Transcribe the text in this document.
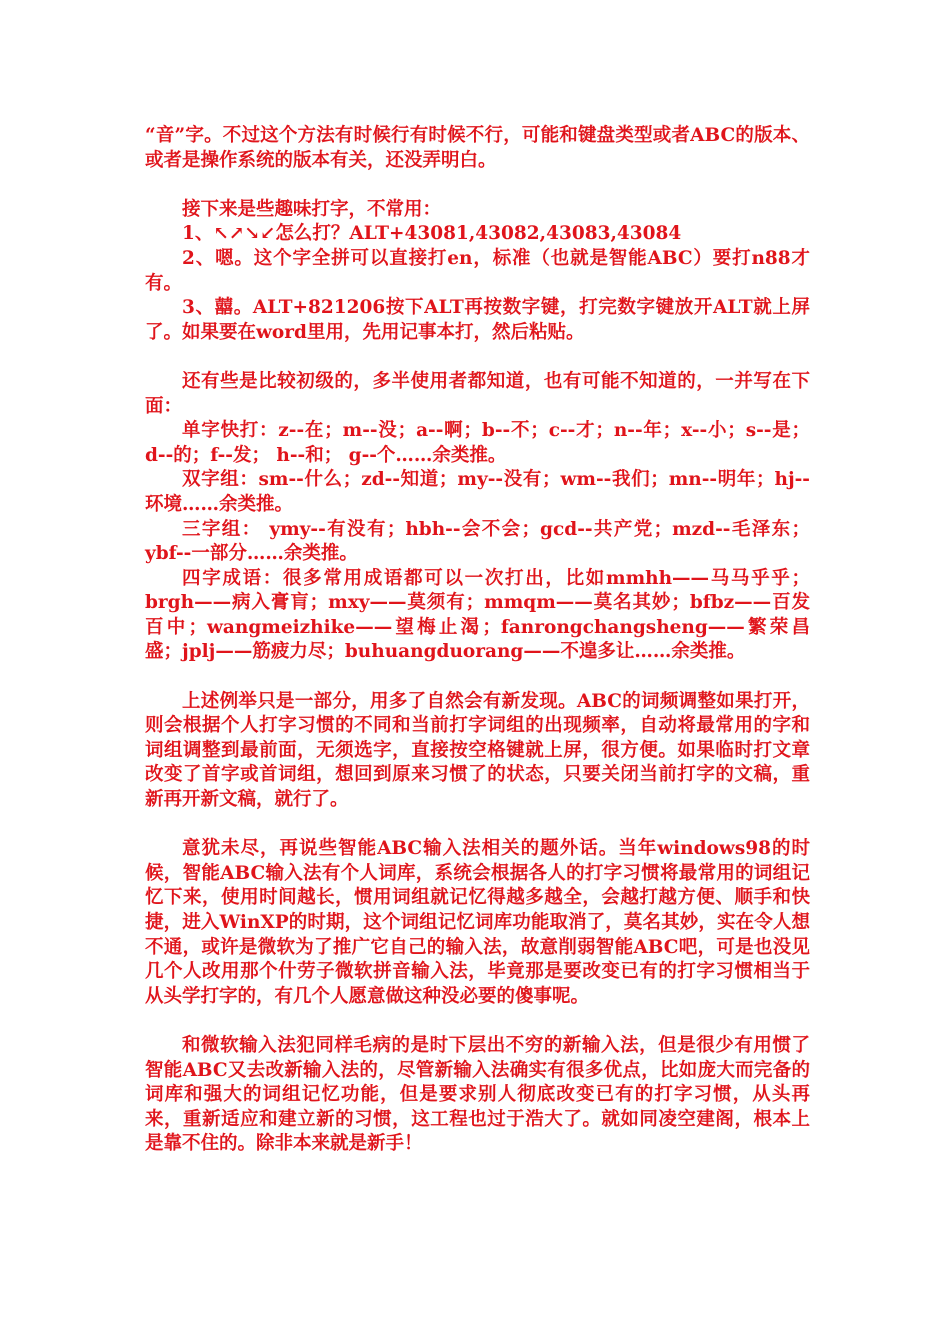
“音”字。不过这个方法有时候行有时候不行，可能和键盘类型或者ABC的版本、或者是操作系统的版本有关，还没弄明白。

接下来是些趣味打字，不常用：

1、↖↗↘↙怎么打？ALT+43081,43082,43083,43084

2、嗯。这个字全拼可以直接打en，标准（也就是智能ABC）要打n88才有。

3、囍。ALT+821206按下ALT再按数字键，打完数字键放开ALT就上屏了。如果要在word里用，先用记事本打，然后粘贴。

还有些是比较初级的，多半使用者都知道，也有可能不知道的，一并写在下面：

单字快打：z--在；m--没；a--啊；b--不；c--才；n--年；x--小；s--是；d--的；f--发； h--和； g--个……余类推。

双字组：sm--什么；zd--知道；my--没有；wm--我们；mn--明年；hj--环境……余类推。

三字组： ymy--有没有；hbh--会不会；gcd--共产党；mzd--毛泽东；ybf--一部分……余类推。

四字成语：很多常用成语都可以一次打出，比如mmhh——马马乎乎；brgh——病入膏肓；mxy——莫须有；mmqm——莫名其妙；bfbz——百发百中；wangmeizhike——望梅止渴；fanrongchangsheng——繁荣昌盛；jplj——筋疲力尽；buhuangduorang——不遑多让……余类推。

上述例举只是一部分，用多了自然会有新发现。ABC的词频调整如果打开，则会根据个人打字习惯的不同和当前打字词组的出现频率，自动将最常用的字和词组调整到最前面，无须选字，直接按空格键就上屏，很方便。如果临时打文章改变了首字或首词组，想回到原来习惯了的状态，只要关闭当前打字的文稿，重新再开新文稿，就行了。

意犹未尽，再说些智能ABC输入法相关的题外话。当年windows98的时候，智能ABC输入法有个人词库，系统会根据各人的打字习惯将最常用的词组记忆下来，使用时间越长，惯用词组就记忆得越多越全，会越打越方便、顺手和快捷，进入WinXP的时期，这个词组记忆词库功能取消了，莫名其妙，实在令人想不通，或许是微软为了推广它自己的输入法，故意削弱智能ABC吧，可是也没见几个人改用那个什劳子微软拼音输入法，毕竟那是要改变已有的打字习惯相当于从头学打字的，有几个人愿意做这种没必要的傻事呢。

和微软输入法犯同样毛病的是时下层出不穷的新输入法，但是很少有用惯了智能ABC又去改新输入法的，尽管新输入法确实有很多优点，比如庞大而完备的词库和强大的词组记忆功能，但是要求别人彻底改变已有的打字习惯，从头再来，重新适应和建立新的习惯，这工程也过于浩大了。就如同凌空建阁，根本上是靠不住的。除非本来就是新手！
